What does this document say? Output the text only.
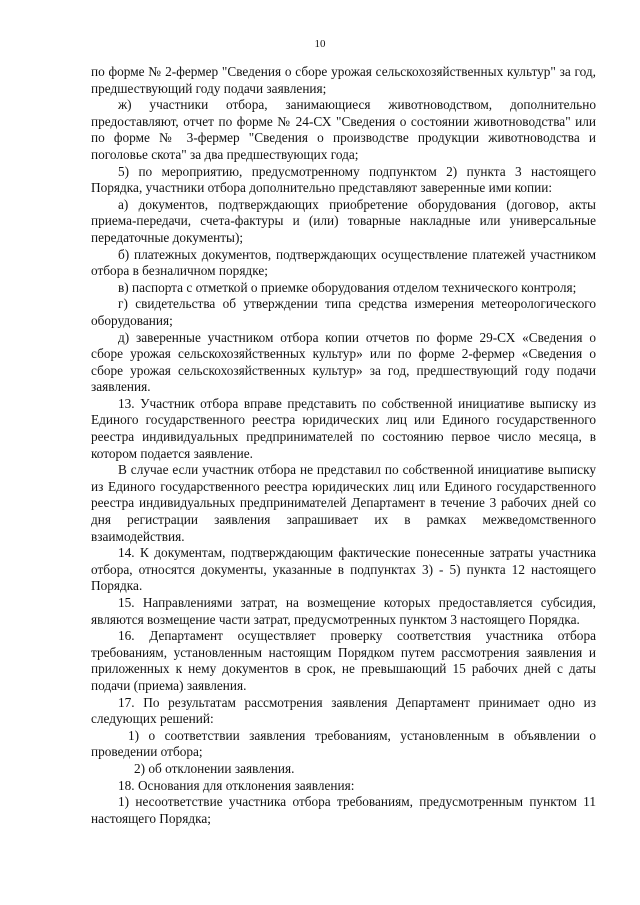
10

по форме № 2-фермер "Сведения о сборе урожая сельскохозяйственных культур" за год, предшествующий году подачи заявления;

ж) участники отбора, занимающиеся животноводством, дополнительно предоставляют, отчет по форме № 24-СХ "Сведения о состоянии животноводства" или по форме № 3-фермер "Сведения о производстве продукции животноводства и поголовье скота" за два предшествующих года;

5) по мероприятию, предусмотренному подпунктом 2) пункта 3 настоящего Порядка, участники отбора дополнительно представляют заверенные ими копии:

а) документов, подтверждающих приобретение оборудования (договор, акты приема-передачи, счета-фактуры и (или) товарные накладные или универсальные передаточные документы);

б) платежных документов, подтверждающих осуществление платежей участником отбора в безналичном порядке;

в) паспорта с отметкой о приемке оборудования отделом технического контроля;

г) свидетельства об утверждении типа средства измерения метеорологического оборудования;

д) заверенные участником отбора копии отчетов по форме 29-СХ «Сведения о сборе урожая сельскохозяйственных культур» или по форме 2-фермер «Сведения о сборе урожая сельскохозяйственных культур» за год, предшествующий году подачи заявления.

13. Участник отбора вправе представить по собственной инициативе выписку из Единого государственного реестра юридических лиц или Единого государственного реестра индивидуальных предпринимателей по состоянию первое число месяца, в котором подается заявление.

В случае если участник отбора не представил по собственной инициативе выписку из Единого государственного реестра юридических лиц или Единого государственного реестра индивидуальных предпринимателей Департамент в течение 3 рабочих дней со дня регистрации заявления запрашивает их в рамках межведомственного взаимодействия.

14. К документам, подтверждающим фактические понесенные затраты участника отбора, относятся документы, указанные в подпунктах 3) - 5) пункта 12 настоящего Порядка.

15. Направлениями затрат, на возмещение которых предоставляется субсидия, являются возмещение части затрат, предусмотренных пунктом 3 настоящего Порядка.

16. Департамент осуществляет проверку соответствия участника отбора требованиям, установленным настоящим Порядком путем рассмотрения заявления и приложенных к нему документов в срок, не превышающий 15 рабочих дней с даты подачи (приема) заявления.

17. По результатам рассмотрения заявления Департамент принимает одно из следующих решений:

1) о соответствии заявления требованиям, установленным в объявлении о проведении отбора;

2) об отклонении заявления.

18. Основания для отклонения заявления:

1) несоответствие участника отбора требованиям, предусмотренным пунктом 11 настоящего Порядка;
